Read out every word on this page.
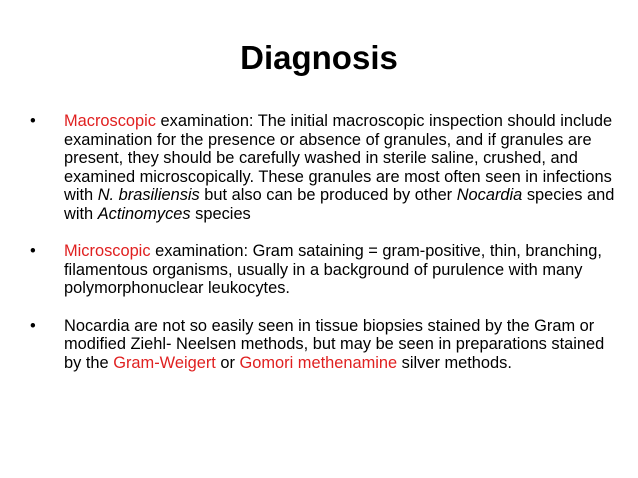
Diagnosis
•	Macroscopic examination: The initial macroscopic inspection should include examination for the presence or absence of granules, and if granules are present, they should be carefully washed in sterile saline, crushed, and examined microscopically. These granules are most often seen in infections with N. brasiliensis but also can be produced by other Nocardia species and with Actinomyces species
•	Microscopic examination: Gram sataining = gram-positive, thin, branching, filamentous organisms, usually in a background of purulence with many polymorphonuclear leukocytes.
•	Nocardia are not so easily seen in tissue biopsies stained by the Gram or modified Ziehl- Neelsen methods, but may be seen in preparations stained by the Gram-Weigert or Gomori methenamine silver methods.
